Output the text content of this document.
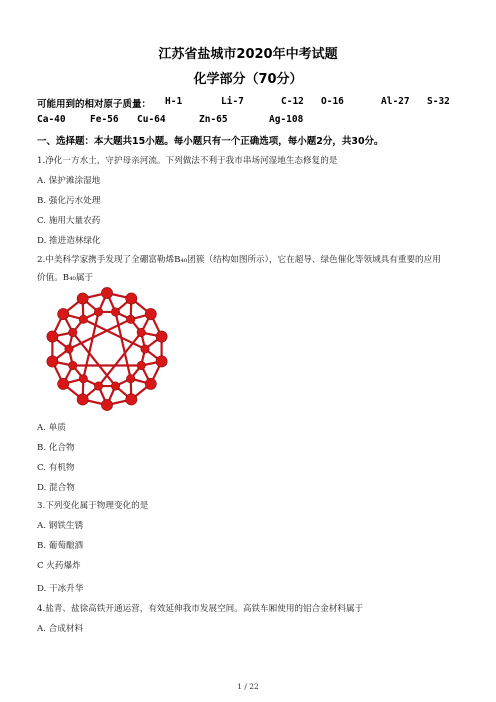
江苏省盐城市2020年中考试题
化学部分（70分）
可能用到的相对原子质量： H-1	Li-7	C-12 O-16	Al-27 S-32
Ca-40	Fe-56 Cu-64	Zn-65	Ag-108
一、选择题：本大题共15小题。每小题只有一个正确选项，每小题2分，共30分。
1.净化一方水土，守护母亲河流。下列做法不利于我市串场河湿地生态修复的是
A. 保护滩涂湿地
B. 强化污水处理
C. 施用大量农药
D. 推进造林绿化
2.中美科学家携手发现了全硼富勒烯B₄₀团簇（结构如图所示），它在超导、绿色催化等领域具有重要的应用
价值。B₄₀属于
A. 单质
B. 化合物
C. 有机物
D. 混合物
3.下列变化属于物理变化的是
A. 钢铁生锈
B. 葡萄酿酒
C 火药爆炸
D. 干冰升华
4.盐青、盐徐高铁开通运营，有效延伸我市发展空间。高铁车厢使用的铝合金材料属于
A. 合成材料
1 / 22
